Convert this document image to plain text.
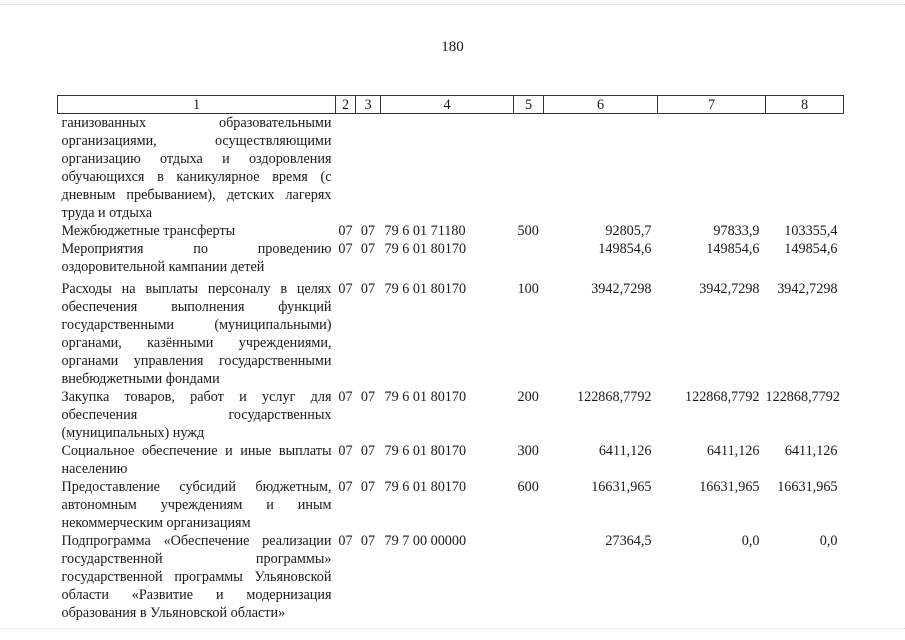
180
1	2	3	4	5	6	7	8
ганизованных образовательными организациями, осуществляющими организацию отдыха и оздоровления обучающихся в каникулярное время (с дневным пребыванием), детских лагерях труда и отдыха							
Межбюджетные трансферты	07	07	79 6 01 71180	500	92805,7	97833,9	103355,4
Мероприятия по проведению оздоровительной кампании детей	07	07	79 6 01 80170		149854,6	149854,6	149854,6

Расходы на выплаты персоналу в целях обеспечения выполнения функций государственными (муниципальными) органами, казёнными учреждениями, органами управления государственными внебюджетными фондами	07	07	79 6 01 80170	100	3942,7298	3942,7298	3942,7298
Закупка товаров, работ и услуг для обеспечения государственных (муниципальных) нужд	07	07	79 6 01 80170	200	122868,7792	122868,7792	122868,7792
Социальное обеспечение и иные выплаты населению	07	07	79 6 01 80170	300	6411,126	6411,126	6411,126
Предоставление субсидий бюджетным, автономным учреждениям и иным некоммерческим организациям	07	07	79 6 01 80170	600	16631,965	16631,965	16631,965
Подпрограмма «Обеспечение реализации государственной программы» государственной программы Ульяновской области «Развитие и модернизация образования в Ульяновской области»	07	07	79 7 00 00000		27364,5	0,0	0,0
